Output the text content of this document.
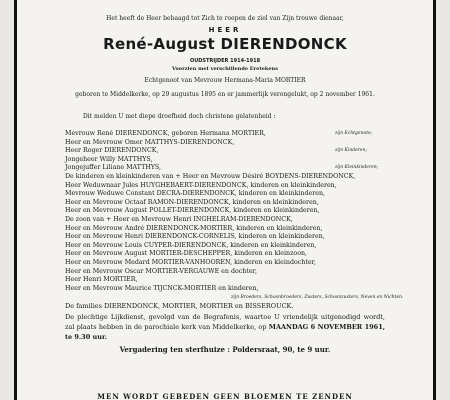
Het heeft de Heer behaagd tot Zich te roepen de ziel van Zijn trouwe dienaar,
HEER
René-August DIERENDONCK
OUDSTRIJDER 1914-1918
Voorzien met verschillende Eretekens
Echtgenoot van Mevrouw Hermana-Maria MORTIER
geboren te Middelkerke, op 29 augustus 1895 en er jammerlijk verongelukt, op 2 november 1961.
Dit melden U met diepe droefheid doch christene gelatenheid :
Mevrouw René DIERENDONCK, geboren Hermana MORTIER,	zijn Echtgenote;
Heer en Mevrouw Omer MATTHYS-DIERENDONCK,
Heer Roger DIERENDONCK,	zijn Kinderen;
Jongeheer Willy MATTHYS,
Jongejuffer Liliane MATTHYS,	zijn Kleinkinderen;
De kinderen en kleinkinderen van + Heer en Mevrouw Désiré BOYDENS-DIERENDONCK,
Heer Weduwnaar Jules HUYGHEBAERT-DIERENDONCK, kinderen en kleinkinderen,
Mevrouw Weduwe Constant DECRA-DIERENDONCK, kinderen en kleinkinderen,
Heer en Mevrouw Octaaf RAMON-DIERENDONCK, kinderen en kleinkinderen,
Heer en Mevrouw August POLLET-DIERENDONCK, kinderen en kleinkinderen,
De zoon van + Heer en Mevrouw Henri INGHELRAM-DIERENDONCK,
Heer en Mevrouw André DIERENDONCK-MORTIER, kinderen en kleinkinderen,
Heer en Mevrouw Henri DIERENDONCK-CORNELIS, kinderen en kleinkinderen,
Heer en Mevrouw Louis CUYPER-DIERENDONCK, kinderen en kleinkinderen,
Heer en Mevrouw August MORTIER-DESCHEPPER, kinderen en kleinzoon,
Heer en Mevrouw Medard MORTIER-VANHOOREN, kinderen en kleindochter,
Heer en Mevrouw Oscar MORTIER-VERGAUWE en dochter,
Heer Henri MORTIER,
Heer en Mevrouw Maurice TIJCNCK-MORTIER en kinderen,
zijn Broeders, Schoonbroeders, Zusters, Schoonzusters, Neven en Nichten.
De families DIERENDONCK, MORTIER, MORTIER en BISSEROUCK.
De plechtige Lijkdienst, gevolgd van de Begrafenis, waartoe U vriendelijk uitgenodigd wordt, zal plaats hebben in de parochiale kerk van Middelkerke, op MAANDAG 6 NOVEMBER 1961, te 9.30 uur.
Vergadering ten sterfhuize : Poldersraat, 90, te 9 uur.
MEN WORDT GEBEDEN GEEN BLOEMEN TE ZENDEN
